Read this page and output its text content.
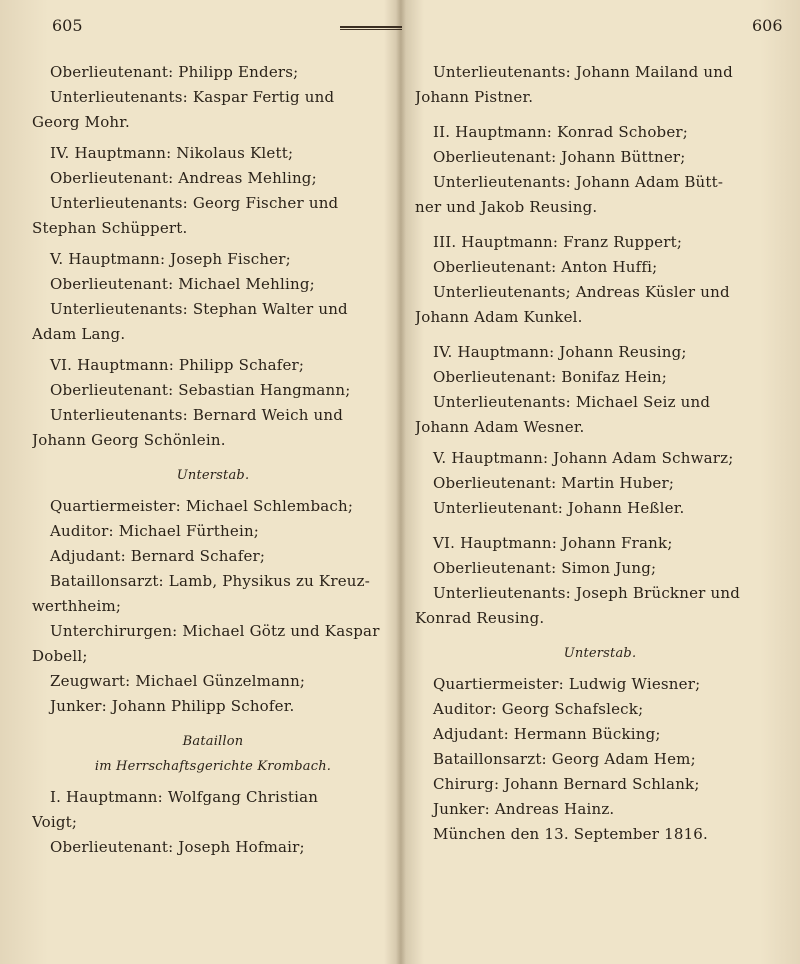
605	606
Oberlieutenant: Philipp Enders;
Unterlieutenants: Kaspar Fertig und
Georg Mohr.
IV. Hauptmann: Nikolaus Klett;
Oberlieutenant: Andreas Mehling;
Unterlieutenants: Georg Fischer und
Stephan Schüppert.
V. Hauptmann: Joseph Fischer;
Oberlieutenant: Michael Mehling;
Unterlieutenants: Stephan Walter und
Adam Lang.
VI. Hauptmann: Philipp Schafer;
Oberlieutenant: Sebastian Hangmann;
Unterlieutenants: Bernard Weich und
Johann Georg Schönlein.
Unterstab.
Quartiermeister: Michael Schlembach;
Auditor: Michael Fürthein;
Adjudant: Bernard Schafer;
Bataillonsarzt: Lamb, Physikus zu Kreuz-
werthheim;
Unterchirurgen: Michael Götz und Kaspar
Dobell;
Zeugwart: Michael Günzelmann;
Junker: Johann Philipp Schofer.
Bataillon
im Herrschaftsgerichte Krombach.
I. Hauptmann: Wolfgang Christian
Voigt;
Oberlieutenant: Joseph Hofmair;
Unterlieutenants: Johann Mailand und
Johann Pistner.
II. Hauptmann: Konrad Schober;
Oberlieutenant: Johann Büttner;
Unterlieutenants: Johann Adam Bütt-
ner und Jakob Reusing.
III. Hauptmann: Franz Ruppert;
Oberlieutenant: Anton Huffi;
Unterlieutenants; Andreas Küsler und
Johann Adam Kunkel.
IV. Hauptmann: Johann Reusing;
Oberlieutenant: Bonifaz Hein;
Unterlieutenants: Michael Seiz und
Johann Adam Wesner.
V. Hauptmann: Johann Adam Schwarz;
Oberlieutenant: Martin Huber;
Unterlieutenant: Johann Heßler.
VI. Hauptmann: Johann Frank;
Oberlieutenant: Simon Jung;
Unterlieutenants: Joseph Brückner und
Konrad Reusing.
Unterstab.
Quartiermeister: Ludwig Wiesner;
Auditor: Georg Schafsleck;
Adjudant: Hermann Bücking;
Bataillonsarzt: Georg Adam Hem;
Chirurg: Johann Bernard Schlank;
Junker: Andreas Hainz.
München den 13. September 1816.
